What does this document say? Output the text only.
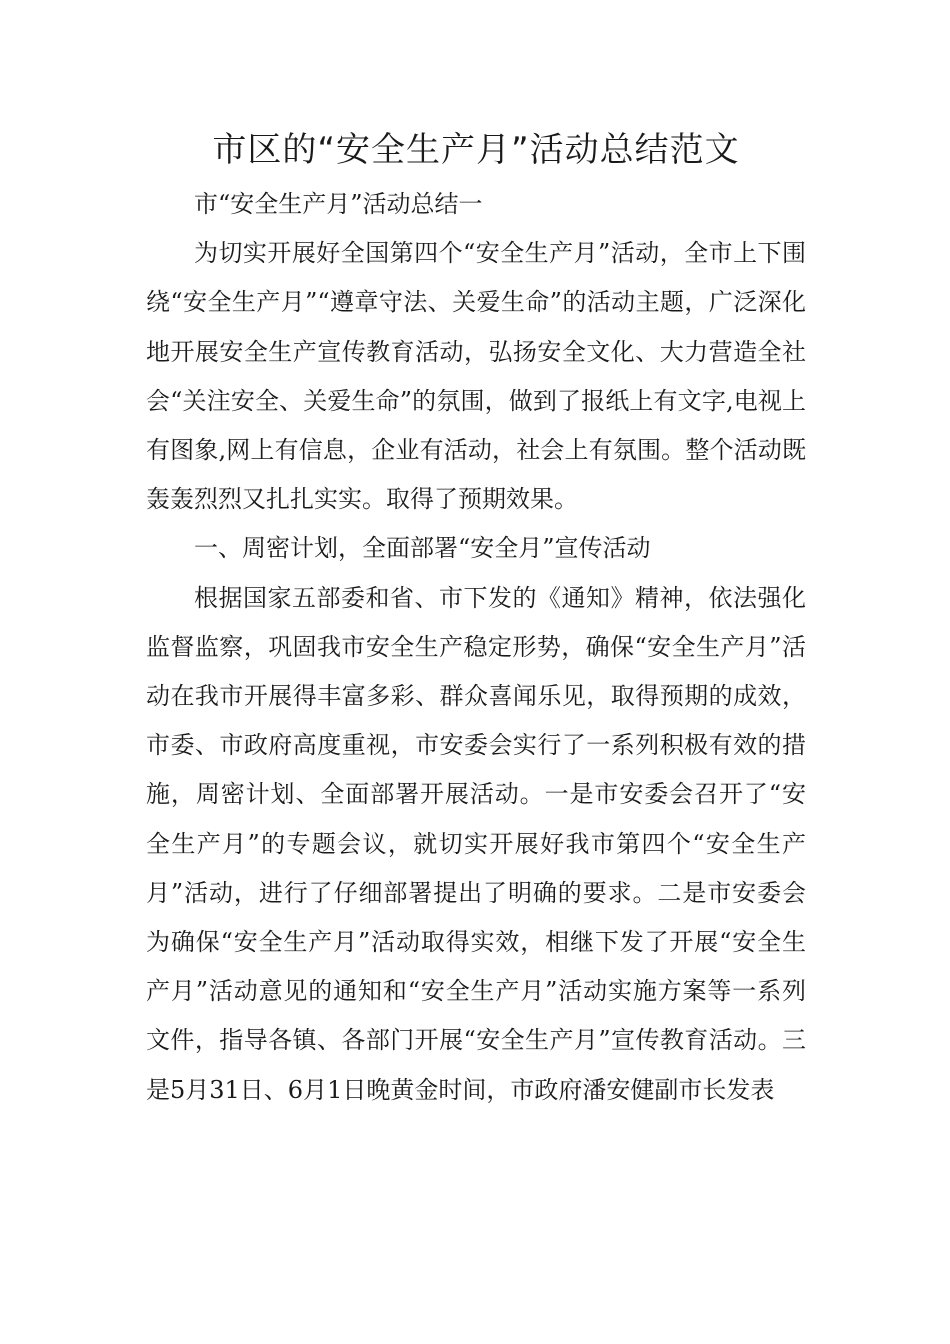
市区的“安全生产月”活动总结范文

市“安全生产月”活动总结一

为切实开展好全国第四个“安全生产月”活动，全市上下围绕“安全生产月”“遵章守法、关爱生命”的活动主题，广泛深化地开展安全生产宣传教育活动，弘扬安全文化、大力营造全社会“关注安全、关爱生命”的氛围，做到了报纸上有文字,电视上有图象,网上有信息，企业有活动，社会上有氛围。整个活动既轰轰烈烈又扎扎实实。取得了预期效果。

一、周密计划，全面部署“安全月”宣传活动

根据国家五部委和省、市下发的《通知》精神，依法强化监督监察，巩固我市安全生产稳定形势，确保“安全生产月”活动在我市开展得丰富多彩、群众喜闻乐见，取得预期的成效，市委、市政府高度重视，市安委会实行了一系列积极有效的措施，周密计划、全面部署开展活动。一是市安委会召开了“安全生产月”的专题会议，就切实开展好我市第四个“安全生产月”活动，进行了仔细部署提出了明确的要求。二是市安委会为确保“安全生产月”活动取得实效，相继下发了开展“安全生产月”活动意见的通知和“安全生产月”活动实施方案等一系列文件，指导各镇、各部门开展“安全生产月”宣传教育活动。三是5月31日、6月1日晚黄金时间，市政府潘安健副市长发表
